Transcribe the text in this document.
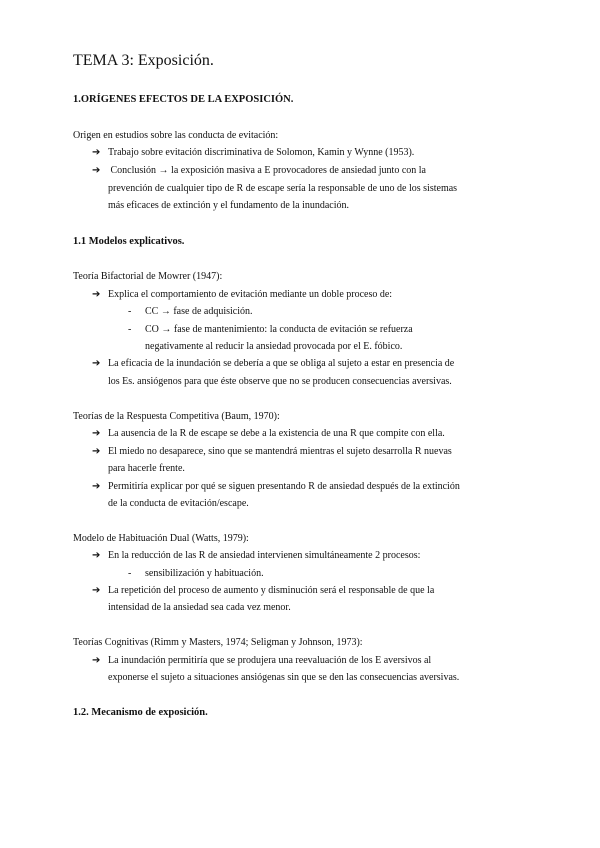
TEMA 3: Exposición.
1.ORÍGENES EFECTOS DE LA EXPOSICIÓN.
Origen en estudios sobre las conducta de evitación:
➔ Trabajo sobre evitación discriminativa de Solomon, Kamin y Wynne (1953).
➔ Conclusión → la exposición masiva a E provocadores de ansiedad junto con la
prevención de cualquier tipo de R de escape sería la responsable de uno de los sistemas
más eficaces de extinción y el fundamento de la inundación.
1.1 Modelos explicativos.
Teoría Bifactorial de Mowrer (1947):
➔ Explica el comportamiento de evitación mediante un doble proceso de:
- CC → fase de adquisición.
- CO → fase de mantenimiento: la conducta de evitación se refuerza
negativamente al reducir la ansiedad provocada por el E. fóbico.
➔ La eficacia de la inundación se debería a que se obliga al sujeto a estar en presencia de
los Es. ansiógenos para que éste observe que no se producen consecuencias aversivas.
Teorías de la Respuesta Competitiva (Baum, 1970):
➔ La ausencia de la R de escape se debe a la existencia de una R que compite con ella.
➔ El miedo no desaparece, sino que se mantendrá mientras el sujeto desarrolla R nuevas
para hacerle frente.
➔ Permitiría explicar por qué se siguen presentando R de ansiedad después de la extinción
de la conducta de evitación/escape.
Modelo de Habituación Dual (Watts, 1979):
➔ En la reducción de las R de ansiedad intervienen simultáneamente 2 procesos:
- sensibilización y habituación.
➔ La repetición del proceso de aumento y disminución será el responsable de que la
intensidad de la ansiedad sea cada vez menor.
Teorías Cognitivas (Rimm y Masters, 1974; Seligman y Johnson, 1973):
➔ La inundación permitiría que se produjera una reevaluación de los E aversivos al
exponerse el sujeto a situaciones ansiógenas sin que se den las consecuencias aversivas.
1.2. Mecanismo de exposición.
